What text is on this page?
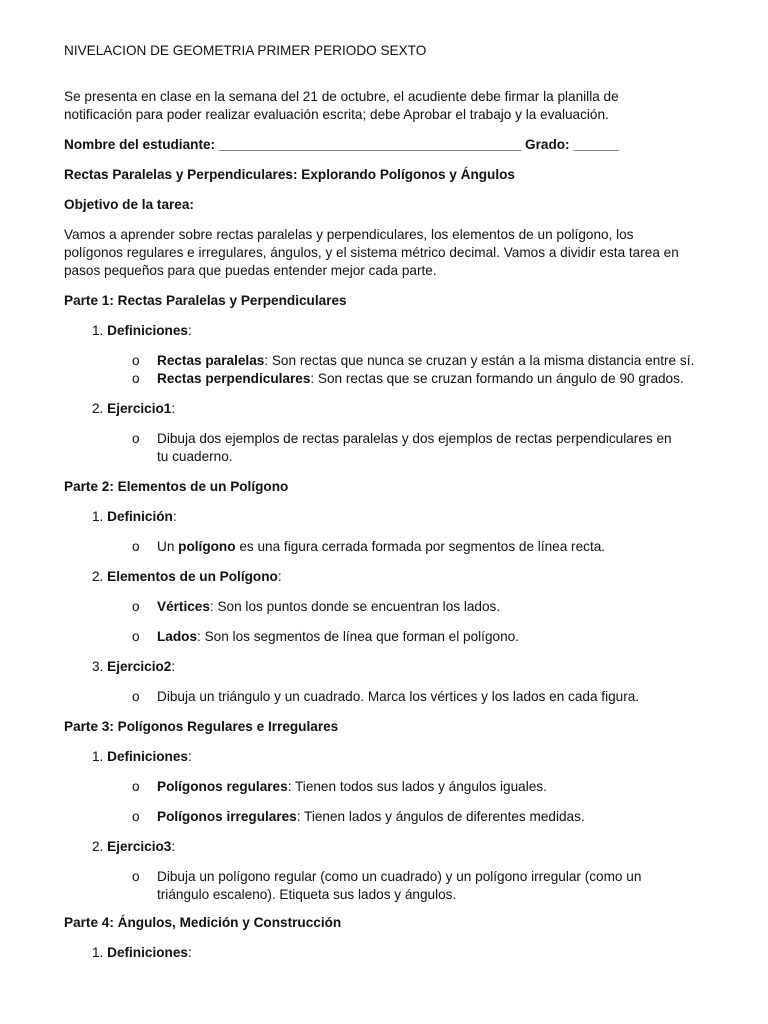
NIVELACION DE GEOMETRIA PRIMER PERIODO SEXTO
Se presenta en clase en la semana del 21 de octubre, el acudiente debe firmar la planilla de
notificación para poder realizar evaluación escrita; debe Aprobar el trabajo y la evaluación.
Nombre del estudiante: ________________________________________ Grado: ______
Rectas Paralelas y Perpendiculares: Explorando Polígonos y Ángulos
Objetivo de la tarea:
Vamos a aprender sobre rectas paralelas y perpendiculares, los elementos de un polígono, los
polígonos regulares e irregulares, ángulos, y el sistema métrico decimal. Vamos a dividir esta tarea en
pasos pequeños para que puedas entender mejor cada parte.
Parte 1: Rectas Paralelas y Perpendiculares
1. Definiciones:
o	Rectas paralelas: Son rectas que nunca se cruzan y están a la misma distancia entre sí.
o	Rectas perpendiculares: Son rectas que se cruzan formando un ángulo de 90 grados.
2. Ejercicio1:
o	Dibuja dos ejemplos de rectas paralelas y dos ejemplos de rectas perpendiculares en
tu cuaderno.
Parte 2: Elementos de un Polígono
1. Definición:
o	Un polígono es una figura cerrada formada por segmentos de línea recta.
2. Elementos de un Polígono:
o	Vértices: Son los puntos donde se encuentran los lados.
o	Lados: Son los segmentos de línea que forman el polígono.
3. Ejercicio2:
o	Dibuja un triángulo y un cuadrado. Marca los vértices y los lados en cada figura.
Parte 3: Polígonos Regulares e Irregulares
1. Definiciones:
o	Polígonos regulares: Tienen todos sus lados y ángulos iguales.
o	Polígonos irregulares: Tienen lados y ángulos de diferentes medidas.
2. Ejercicio3:
o	Dibuja un polígono regular (como un cuadrado) y un polígono irregular (como un
triángulo escaleno). Etiqueta sus lados y ángulos.
Parte 4: Ángulos, Medición y Construcción
1. Definiciones:
